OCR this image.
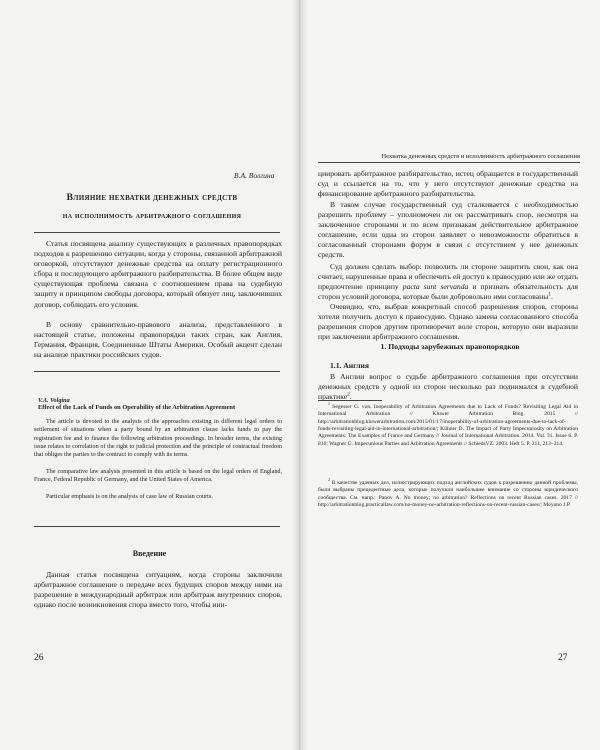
В.А. Волгина
Влияние нехватки денежных средств
на исполнимость арбитражного соглашения

Статья посвящена анализу существующих в различных правопорядках подходов к разрешению ситуации, когда у стороны, связанной арбитражной оговоркой, отсутствуют денежные средства на оплату регистрационного сбора и последующего арбитражного разбирательства. В более общем виде существующая проблема связана с соотношением права на судебную защиту и принципом свободы договора, который обязует лиц, заключивших договор, соблюдать его условия.

В основу сравнительно-правового анализа, представленного в настоящей статье, положены правопорядки таких стран, как Англия, Германия, Франция, Соединенные Штаты Америки. Особый акцент сделан на анализе практики российских судов.

V.A. Volgina
Effect of the Lack of Funds on Operability of the Arbitration Agreement

The article is devoted to the analysis of the approaches existing in different legal orders to settlement of situations when a party bound by an arbitration clause lacks funds to pay the registration fee and to finance the following arbitration proceedings. In broader terms, the existing issue relates to correlation of the right to judicial protection and the principle of contractual freedom that obliges the parties to the contract to comply with its terms.

The comparative law analysis presented in this article is based on the legal orders of England, France, Federal Republic of Germany, and the United States of America.

Particular emphasis is on the analysis of case law of Russian courts.

Введение

Данная статья посвящена ситуациям, когда стороны заключили арбитражное соглашение о передаче всех будущих споров между ними на разрешение в международный арбитраж или арбитраж внутренних споров, однако после возникновения спора вместо того, чтобы ини-

26
Нехватка денежных средств и исполнимость арбитражного соглашения

циировать арбитражное разбирательство, истец обращается в государственный суд и ссылается на то, что у него отсутствуют денежные средства на финансирование арбитражного разбирательства.

В таком случае государственный суд сталкивается с необходимостью разрешить проблему – уполномочен ли он рассматривать спор, несмотря на заключенное сторонами и по всем признакам действительное арбитражное соглашение, если одна из сторон заявляет о невозможности обратиться в согласованный сторонами форум в связи с отсутствием у нее денежных средств.

Суд должен сделать выбор: позволить ли стороне защитить свои, как она считает, нарушенные права и обеспечить ей доступ к правосудию или же отдать предпочтение принципу pacta sunt servanda и признать обязательность для сторон условий договора, которые были добровольно ими согласованы$^1$.

Очевидно, что, выбрав конкретный способ разрешения споров, стороны хотели получить доступ к правосудию. Однако замена согласованного способа разрешения споров другим противоречит воле сторон, которую они выразили при заключении арбитражного соглашения.

1. Подходы зарубежных правопорядков
1.1. Англия

В Англии вопрос о судьбе арбитражного соглашения при отсутствии денежных средств у одной из сторон несколько раз поднимался в судебной практике$^2$.

$^1$ Segesser G. von. Inoperability of Arbitration Agreements due to Lack of Funds? Revisiting Legal Aid in International Arbitration // Kluwer Arbitration Blog. 2015 // http://arbitrationblog.kluwerarbitration.com/2015/01/17/inoperability-of-arbitration-agreements-due-to-lack-of-funds-revisiting-legal-aid-in-international-arbitration/; Kühner D. The Impact of Party Impecuniosity on Arbitration Agreements: The Examples of France and Germany // Journal of International Arbitration. 2014. Vol. 31. Issue 6. P. 816; Wagner G. Impecunious Parties and Arbitration Agreements // SchiedsVZ. 2003. Heft 5. P. 211, 213–214.

$^2$ В качестве удачных дел, иллюстрирующих подход английских судов к разрешению данной проблемы, были выбраны прецедентные дела, которые получили наибольшее внимание со стороны юридического сообщества. См. напр.: Panov A. No money; no arbitration? Reflections on recent Russian cases. 2017 // http://arbitrationblog.practicallaw.com/no-money-no-arbitration-reflections-on-recent-russian-cases/; Moyano J.P.

27
